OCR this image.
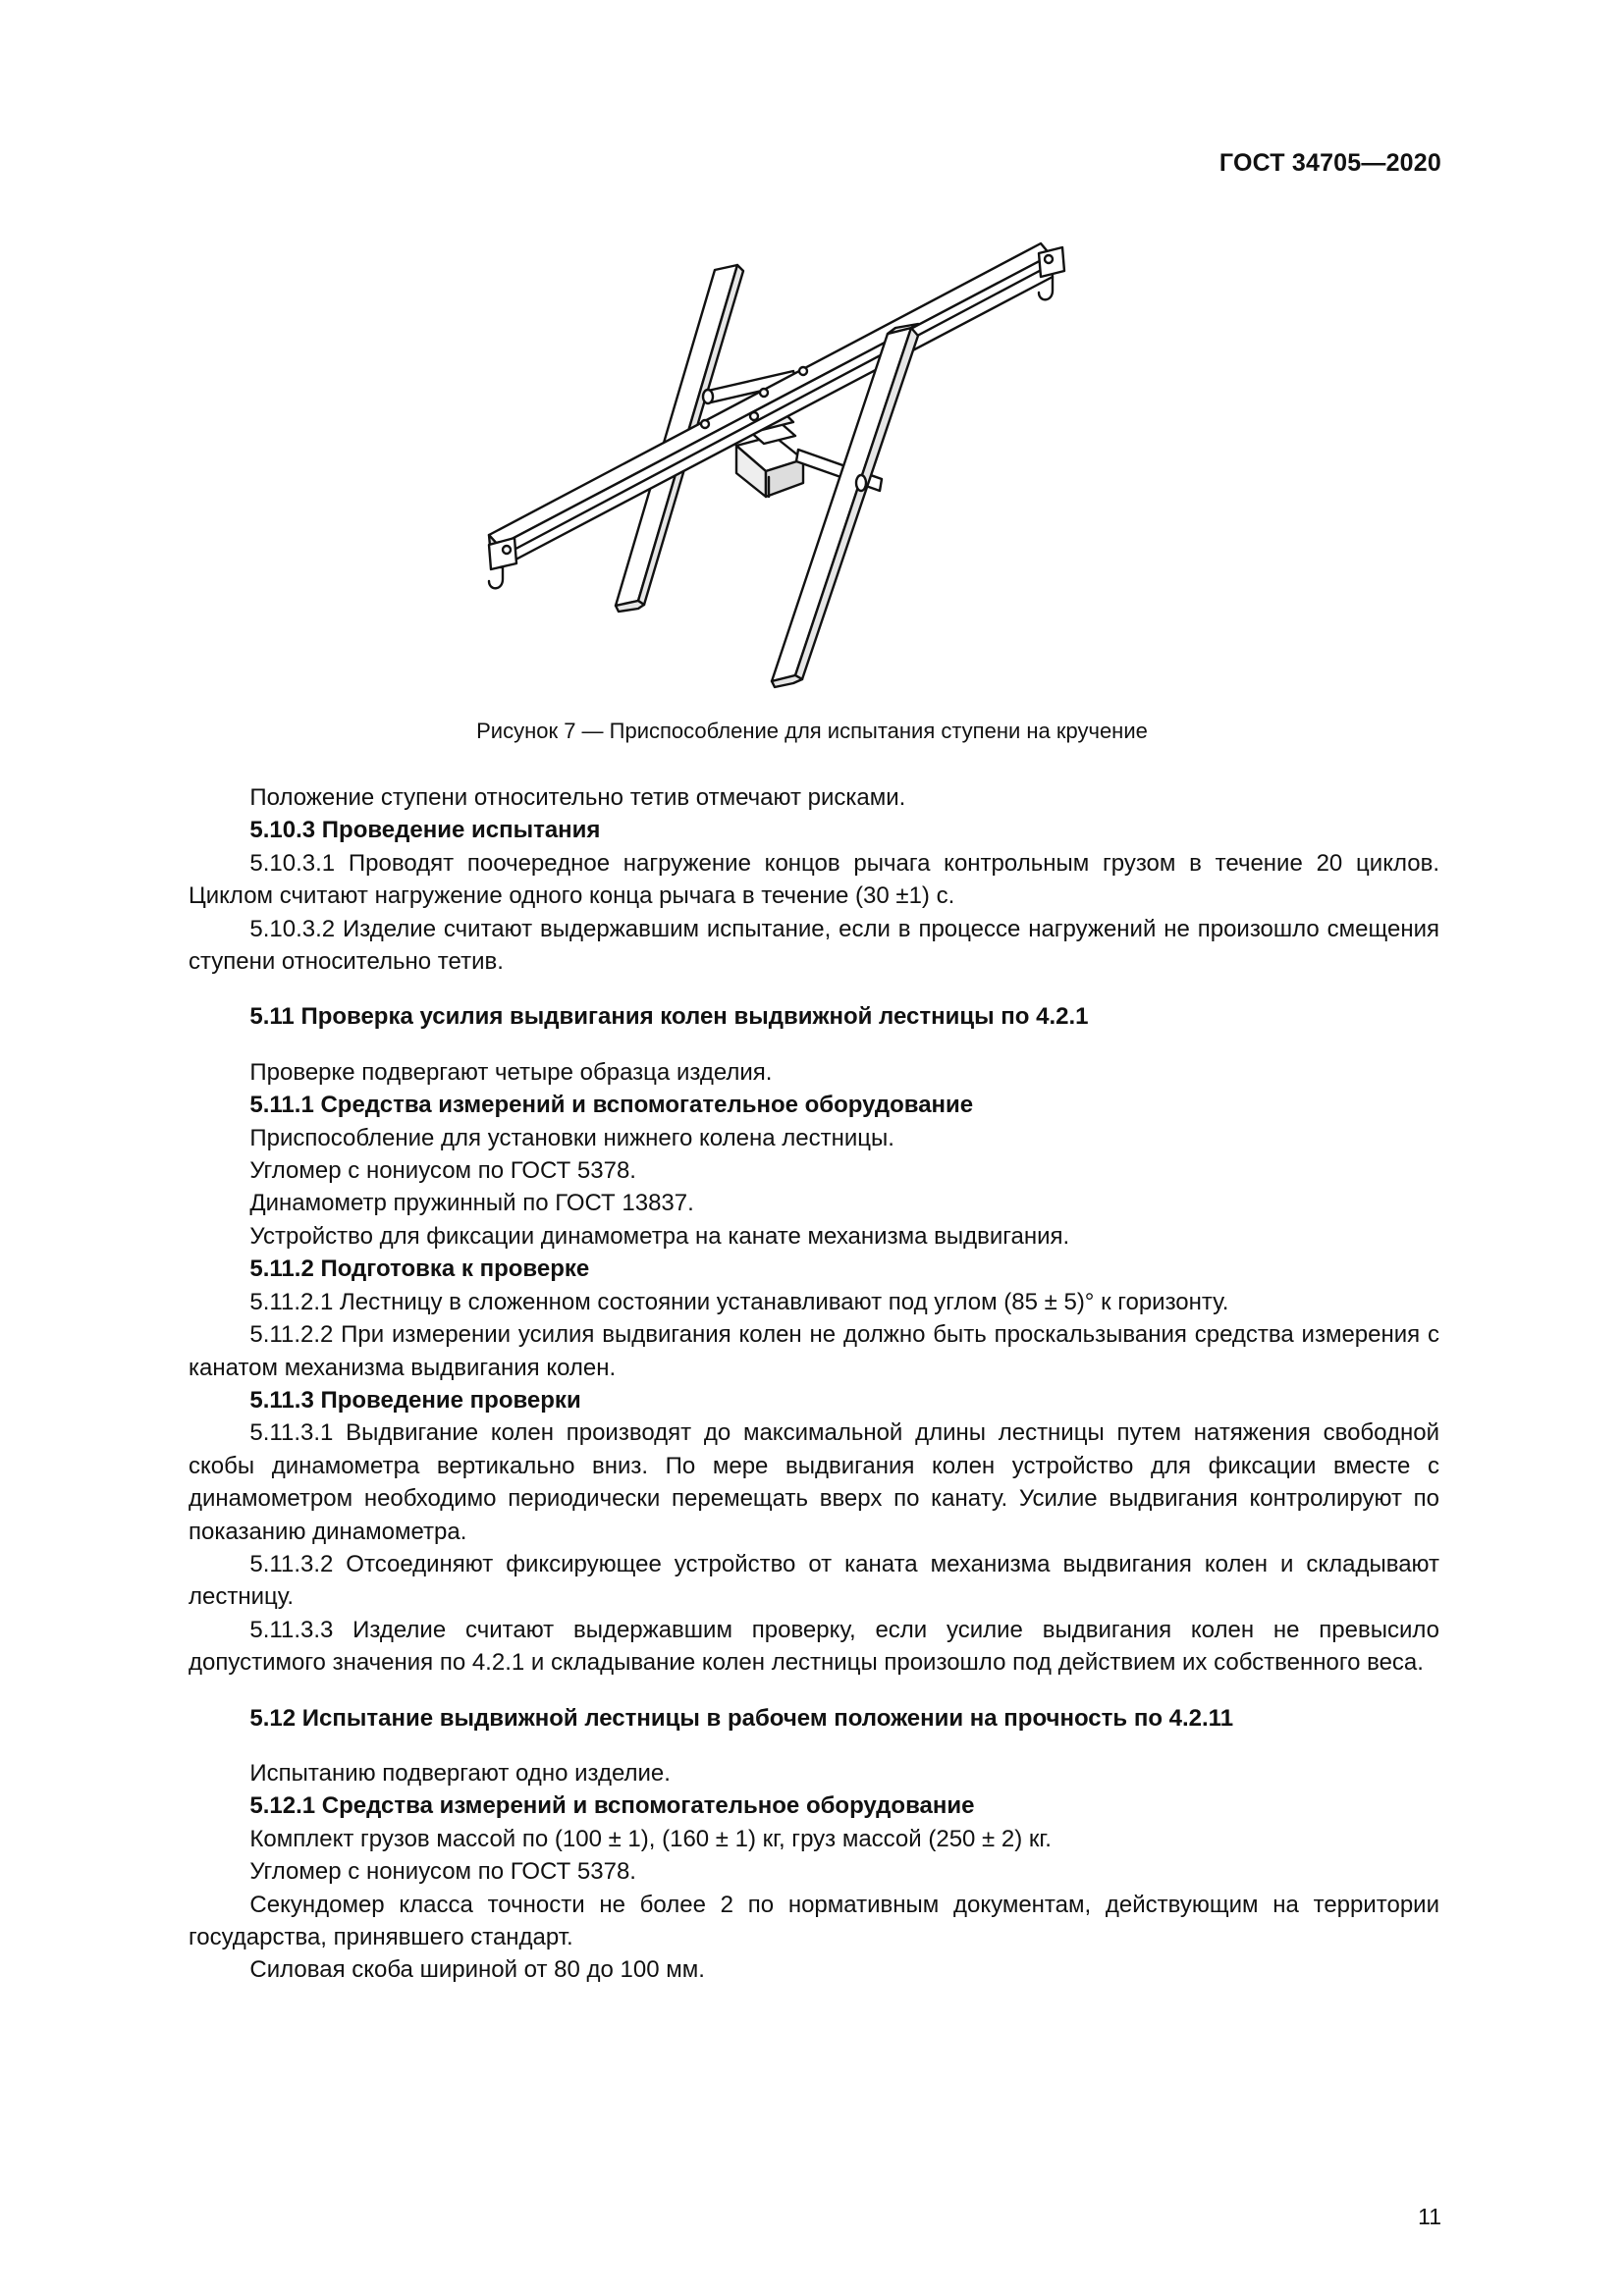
ГОСТ 34705—2020
Рисунок 7 — Приспособление для испытания ступени на кручение

Положение ступени относительно тетив отмечают рисками.

5.10.3 Проведение испытания

5.10.3.1 Проводят поочередное нагружение концов рычага контрольным грузом в течение 20 циклов. Циклом считают нагружение одного конца рычага в течение (30 ±1) с.

5.10.3.2 Изделие считают выдержавшим испытание, если в процессе нагружений не произошло смещения ступени относительно тетив.

5.11 Проверка усилия выдвигания колен выдвижной лестницы по 4.2.1

Проверке подвергают четыре образца изделия.

5.11.1 Средства измерений и вспомогательное оборудование

Приспособление для установки нижнего колена лестницы.

Угломер с нониусом по ГОСТ 5378.

Динамометр пружинный по ГОСТ 13837.

Устройство для фиксации динамометра на канате механизма выдвигания.

5.11.2 Подготовка к проверке

5.11.2.1 Лестницу в сложенном состоянии устанавливают под углом (85 ± 5)° к горизонту.

5.11.2.2 При измерении усилия выдвигания колен не должно быть проскальзывания средства измерения с канатом механизма выдвигания колен.

5.11.3 Проведение проверки

5.11.3.1 Выдвигание колен производят до максимальной длины лестницы путем натяжения свободной скобы динамометра вертикально вниз. По мере выдвигания колен устройство для фиксации вместе с динамометром необходимо периодически перемещать вверх по канату. Усилие выдвигания контролируют по показанию динамометра.

5.11.3.2 Отсоединяют фиксирующее устройство от каната механизма выдвигания колен и складывают лестницу.

5.11.3.3 Изделие считают выдержавшим проверку, если усилие выдвигания колен не превысило допустимого значения по 4.2.1 и складывание колен лестницы произошло под действием их собственного веса.

5.12 Испытание выдвижной лестницы в рабочем положении на прочность по 4.2.11

Испытанию подвергают одно изделие.

5.12.1 Средства измерений и вспомогательное оборудование

Комплект грузов массой по (100 ± 1), (160 ± 1) кг, груз массой (250 ± 2) кг.

Угломер с нониусом по ГОСТ 5378.

Секундомер класса точности не более 2 по нормативным документам, действующим на территории государства, принявшего стандарт.

Силовая скоба шириной от 80 до 100 мм.

11
